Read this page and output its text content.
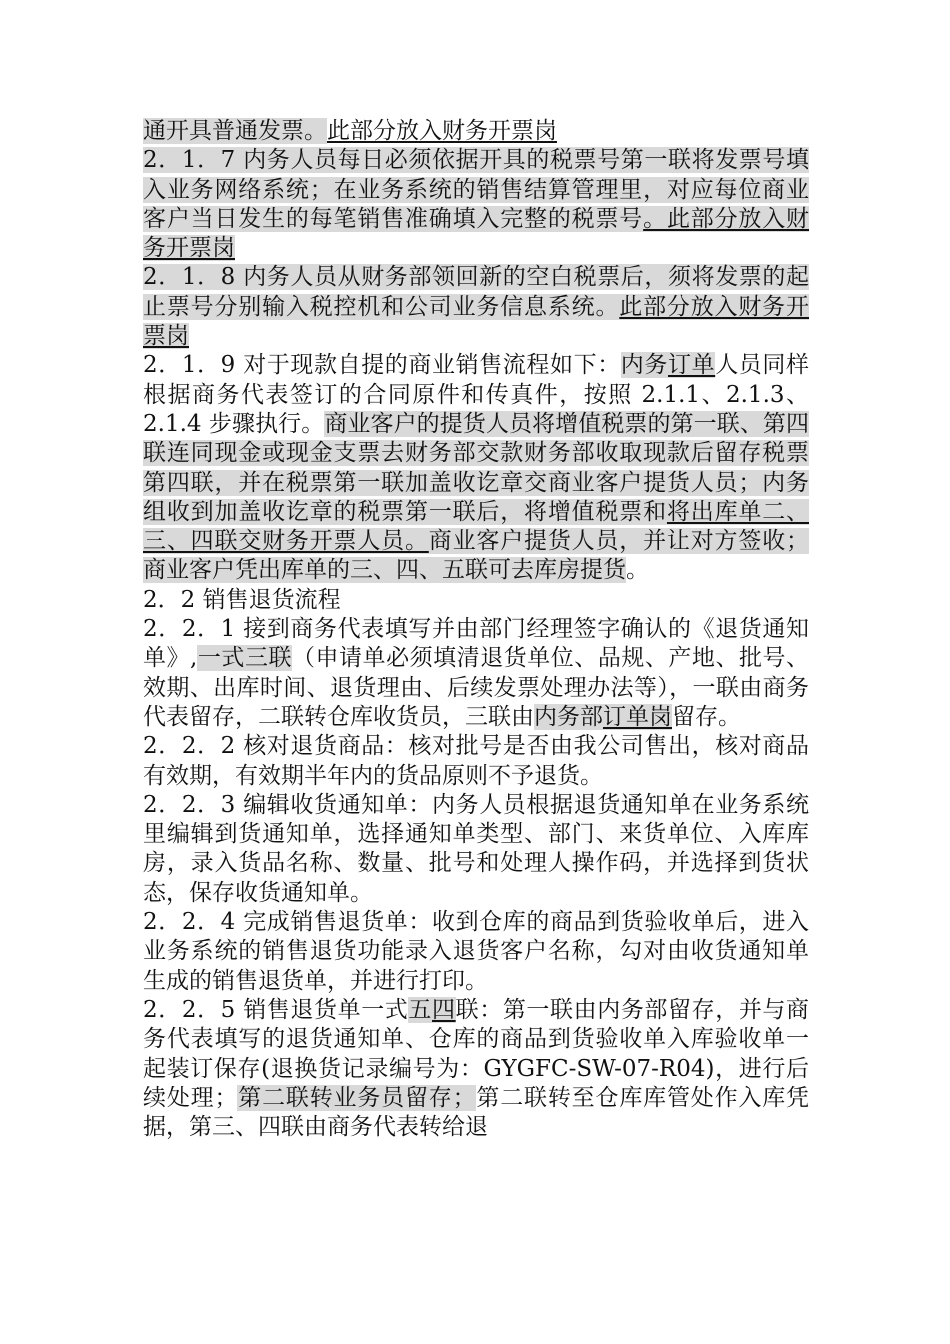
通开具普通发票。此部分放入财务开票岗

2．1．7 内务人员每日必须依据开具的税票号第一联将发票号填入业务网络系统；在业务系统的销售结算管理里，对应每位商业客户当日发生的每笔销售准确填入完整的税票号。此部分放入财务开票岗

2．1．8 内务人员从财务部领回新的空白税票后，须将发票的起止票号分别输入税控机和公司业务信息系统。此部分放入财务开票岗

2．1．9 对于现款自提的商业销售流程如下：内务订单人员同样根据商务代表签订的合同原件和传真件，按照 2.1.1、2.1.3、2.1.4 步骤执行。商业客户的提货人员将增值税票的第一联、第四联连同现金或现金支票去财务部交款财务部收取现款后留存税票第四联，并在税票第一联加盖收讫章交商业客户提货人员；内务组收到加盖收讫章的税票第一联后，将增值税票和将出库单二、三、四联交财务开票人员。商业客户提货人员，并让对方签收；商业客户凭出库单的三、四、五联可去库房提货。

2．2 销售退货流程

2．2．1 接到商务代表填写并由部门经理签字确认的《退货通知单》,一式三联（申请单必须填清退货单位、品规、产地、批号、效期、出库时间、退货理由、后续发票处理办法等），一联由商务代表留存，二联转仓库收货员，三联由内务部订单岗留存。

2．2．2 核对退货商品：核对批号是否由我公司售出，核对商品有效期，有效期半年内的货品原则不予退货。

2．2．3 编辑收货通知单：内务人员根据退货通知单在业务系统里编辑到货通知单，选择通知单类型、部门、来货单位、入库库房，录入货品名称、数量、批号和处理人操作码，并选择到货状态，保存收货通知单。

2．2．4 完成销售退货单：收到仓库的商品到货验收单后，进入业务系统的销售退货功能录入退货客户名称，勾对由收货通知单生成的销售退货单，并进行打印。

2．2．5 销售退货单一式五四联：第一联由内务部留存，并与商务代表填写的退货通知单、仓库的商品到货验收单入库验收单一起装订保存(退换货记录编号为：GYGFC-SW-07-R04)，进行后续处理；第二联转业务员留存；第二联转至仓库库管处作入库凭据，第三、四联由商务代表转给退
